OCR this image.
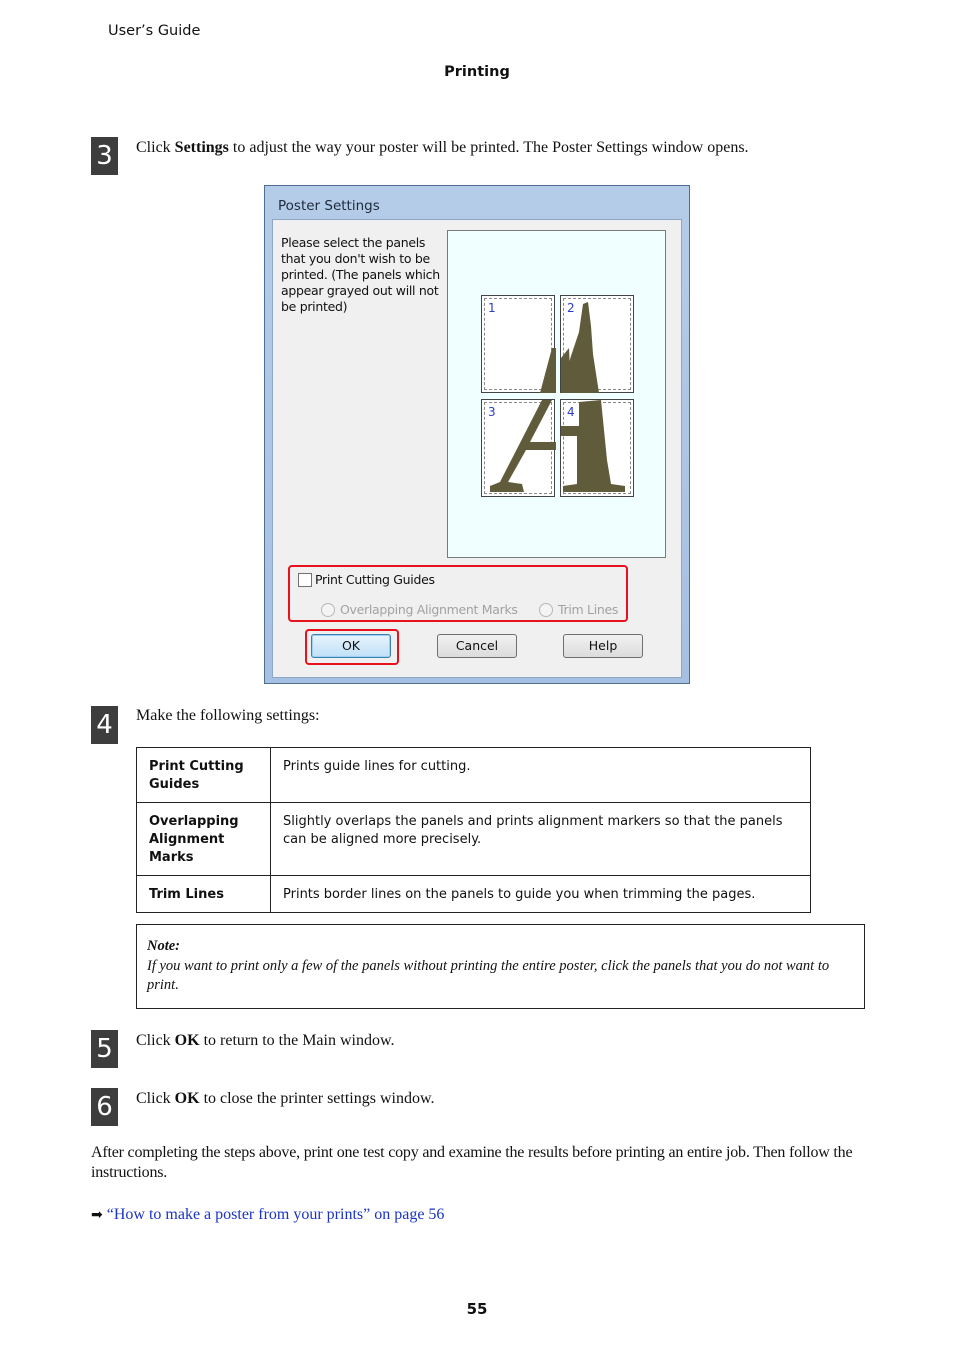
User’s Guide
Printing
3	Click Settings to adjust the way your poster will be printed. The Poster Settings window opens.
Poster Settings
Please select the panels that you don't wish to be printed. (The panels which appear grayed out will not be printed)	1	2
3	4
Print Cutting Guides
Overlapping Alignment Marks	Trim Lines
OK	Cancel	Help
4	Make the following settings:
Print Cutting Guides	Prints guide lines for cutting.
Overlapping Alignment Marks	Slightly overlaps the panels and prints alignment markers so that the panels can be aligned more precisely.
Trim Lines	Prints border lines on the panels to guide you when trimming the pages.
Note:
If you want to print only a few of the panels without printing the entire poster, click the panels that you do not want to print.
5	Click OK to return to the Main window.
6	Click OK to close the printer settings window.
After completing the steps above, print one test copy and examine the results before printing an entire job. Then follow the instructions.
➡ “How to make a poster from your prints” on page 56
55
